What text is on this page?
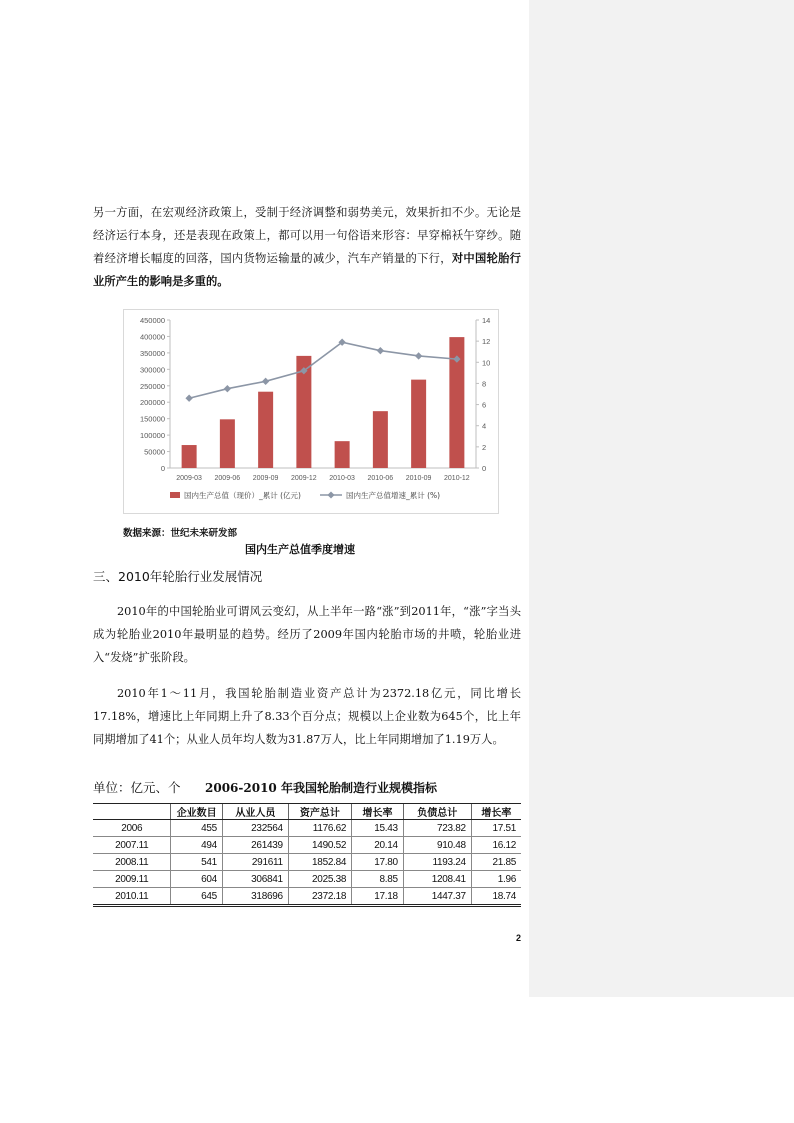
另一方面，在宏观经济政策上，受制于经济调整和弱势美元，效果折扣不少。无论是经济运行本身，还是表现在政策上，都可以用一句俗语来形容：早穿棉袄午穿纱。随着经济增长幅度的回落，国内货物运输量的减少，汽车产销量的下行，对中国轮胎行业所产生的影响是多重的。

0
50000
100000
150000
200000
250000
300000
350000
400000
450000
0
2
4
6
8
10
12
14
2009-03 2009-06 2009-09 2009-12 2010-03 2010-06 2010-09 2010-12
国内生产总值（现价）_累计 (亿元)	国内生产总值增速_累计 (%)
数据来源：世纪未来研发部
国内生产总值季度增速
三、2010年轮胎行业发展情况

2010年的中国轮胎业可谓风云变幻，从上半年一路“涨”到2011年，“涨”字当头成为轮胎业2010年最明显的趋势。经历了2009年国内轮胎市场的井喷，轮胎业进入“发烧”扩张阶段。

2010年1～11月，我国轮胎制造业资产总计为2372.18亿元，同比增长17.18%，增速比上年同期上升了8.33个百分点；规模以上企业数为645个，比上年同期增加了41个；从业人员年均人数为31.87万人，比上年同期增加了1.19万人。

单位：亿元、个 2006-2010 年我国轮胎制造行业规模指标
	企业数目	从业人员	资产总计	增长率	负债总计	增长率
2006	455	232564	1176.62	15.43	723.82	17.51
2007.11	494	261439	1490.52	20.14	910.48	16.12
2008.11	541	291611	1852.84	17.80	1193.24	21.85
2009.11	604	306841	2025.38	8.85	1208.41	1.96
2010.11	645	318696	2372.18	17.18	1447.37	18.74
2
